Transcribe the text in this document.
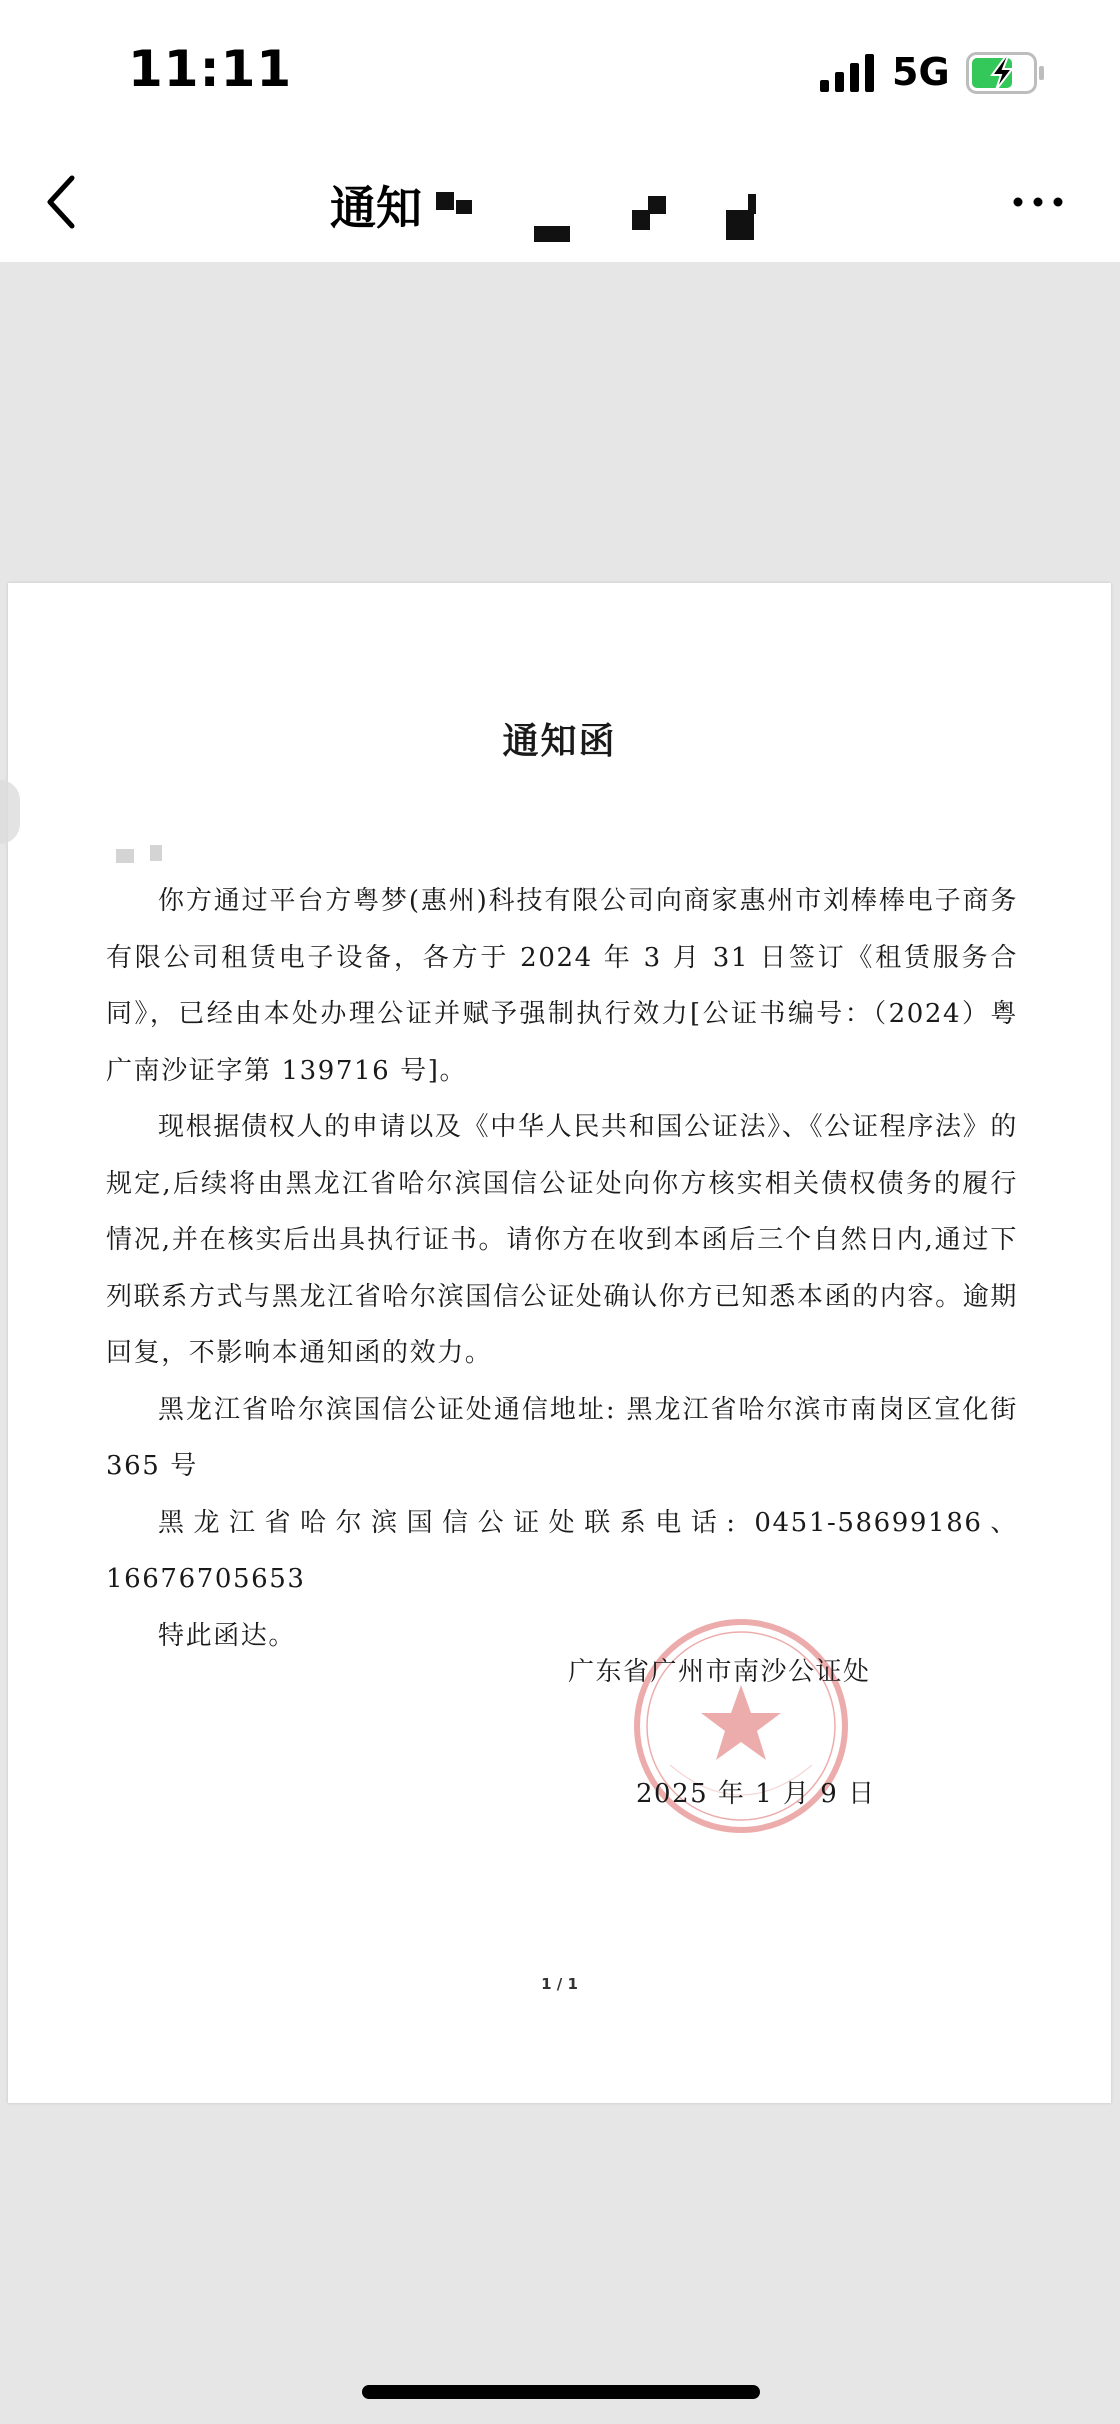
11:11	5G
通知
通知函

你方通过平台方粤梦(惠州)科技有限公司向商家惠州市刘棒棒电子商务有限公司租赁电子设备，各方于 2024 年 3 月 31 日签订《租赁服务合同》，已经由本处办理公证并赋予强制执行效力[公证书编号：（2024）粤广南沙证字第 139716 号]。

现根据债权人的申请以及《中华人民共和国公证法》、《公证程序法》的规定,后续将由黑龙江省哈尔滨国信公证处向你方核实相关债权债务的履行情况,并在核实后出具执行证书。请你方在收到本函后三个自然日内,通过下列联系方式与黑龙江省哈尔滨国信公证处确认你方已知悉本函的内容。逾期回复，不影响本通知函的效力。

黑龙江省哈尔滨国信公证处通信地址: 黑龙江省哈尔滨市南岗区宣化街 365 号

黑龙江省哈尔滨国信公证处联系电话: 0451-58699186、16676705653

特此函达。

广东省广州市南沙公证处
2025 年 1 月 9 日
1 / 1
